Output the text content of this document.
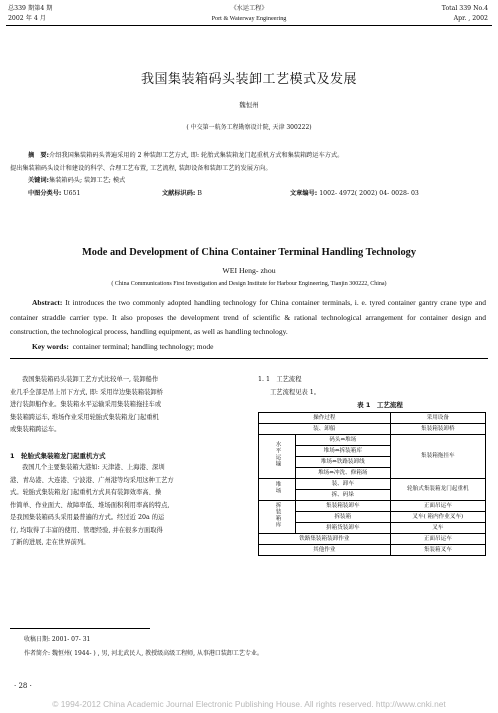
总339 期第4 期	《水运工程》	Total 339 No.4
2002 年 4 月	Port & Waterway Engineering	Apr. , 2002
我国集装箱码头装卸工艺模式及发展
魏恒州
( 中交第一航务工程勘察设计院, 天津 300222)
摘　要:介绍我国集装箱码头普遍采用的 2 种装卸工艺方式, 即: 轮胎式集装箱龙门起重机方式和集装箱跨运车方式。
提出集装箱码头设计和建设的科学、合理工艺布置, 工艺流程, 装卸设备和装卸工艺的发展方向。
关键词:集装箱码头; 装卸工艺; 模式
中图分类号: U651	文献标识码: B	文章编号: 1002- 4972( 2002) 04- 0028- 03
Mode and Development of China Container Terminal Handling Technology
WEI Heng- zhou
( China Communications First Investigation and Design Institute for Harbour Engineering, Tianjin 300222, China)
Abstract: It introduces the two commonly adopted handling technology for China container terminals, i. e. tyred container gantry crane type and container straddle carrier type. It also proposes the development trend of scientific & rational technological arrangement for container design and construction, the technological process, handling equipment, as well as handling technology.
Key words: container terminal; handling technology; mode
我国集装箱码头装卸工艺方式比较单一, 装卸船作
业几乎全部是吊上吊下方式, 即: 采用岸边集装箱装卸桥
进行装卸船作业。集装箱水平运输采用集装箱拖挂车或
集装箱跨运车, 堆场作业采用轮胎式集装箱龙门起重机
或集装箱跨运车。
1　轮胎式集装箱龙门起重机方式
我国几个主要集装箱大港如: 天津港、上海港、深圳
港、青岛港、大连港、宁波港、广州港等均采用这种工艺方
式。轮胎式集装箱龙门起重机方式具有装卸效率高、操
作简单、作业面大、故障率低、堆场面积利用率高的特点,
是我国集装箱码头采用最普遍的方式。经过近 20a 的运
行, 均取得了丰富的使用、管理经验, 并在很多方面取得
了新的进展, 走在世界前列。
1. 1　工艺流程
工艺流程见表 1。
表 1　工艺流程
操作过程		采用设备
装、卸船		集装箱装卸桥
水平运输	码头⇔堆场	集装箱拖挂车
	堆场⇔拆装箱库	
	堆场⇔铁路装卸线	
	堆场⇔冲洗、修箱场	
堆场	装、卸车	轮胎式集装箱龙门起重机
	拆、码垛	
拆装箱库	集装箱装卸车	正面吊运车
	拆装箱	叉车( 箱内作业叉车)
	拼箱货装卸车	叉车
铁路集装箱装卸作业		正面吊运车
其他作业		集装箱叉车
收稿日期: 2001- 07- 31
作者简介: 魏恒州( 1944- ) , 男, 河北武民人, 教授级高级工程师, 从事港口装卸工艺专业。
· 28 ·
© 1994-2012 China Academic Journal Electronic Publishing House. All rights reserved. http://www.cnki.net
